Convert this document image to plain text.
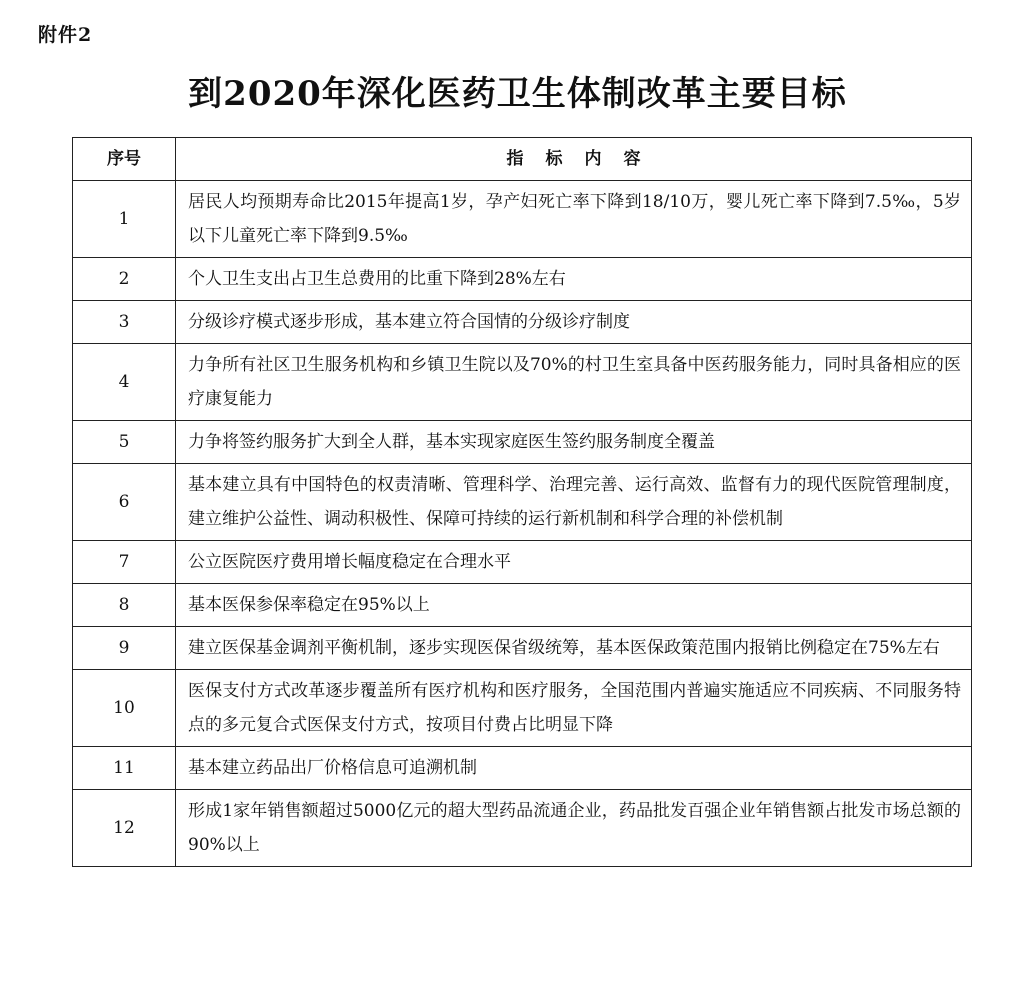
附件2
到2020年深化医药卫生体制改革主要目标
序号	指标内容
1	居民人均预期寿命比2015年提高1岁，孕产妇死亡率下降到18/10万，婴儿死亡率下降到7.5‰，5岁以下儿童死亡率下降到9.5‰
2	个人卫生支出占卫生总费用的比重下降到28%左右
3	分级诊疗模式逐步形成，基本建立符合国情的分级诊疗制度
4	力争所有社区卫生服务机构和乡镇卫生院以及70%的村卫生室具备中医药服务能力，同时具备相应的医疗康复能力
5	力争将签约服务扩大到全人群，基本实现家庭医生签约服务制度全覆盖
6	基本建立具有中国特色的权责清晰、管理科学、治理完善、运行高效、监督有力的现代医院管理制度，建立维护公益性、调动积极性、保障可持续的运行新机制和科学合理的补偿机制
7	公立医院医疗费用增长幅度稳定在合理水平
8	基本医保参保率稳定在95%以上
9	建立医保基金调剂平衡机制，逐步实现医保省级统筹，基本医保政策范围内报销比例稳定在75%左右
10	医保支付方式改革逐步覆盖所有医疗机构和医疗服务，全国范围内普遍实施适应不同疾病、不同服务特点的多元复合式医保支付方式，按项目付费占比明显下降
11	基本建立药品出厂价格信息可追溯机制
12	形成1家年销售额超过5000亿元的超大型药品流通企业，药品批发百强企业年销售额占批发市场总额的90%以上
